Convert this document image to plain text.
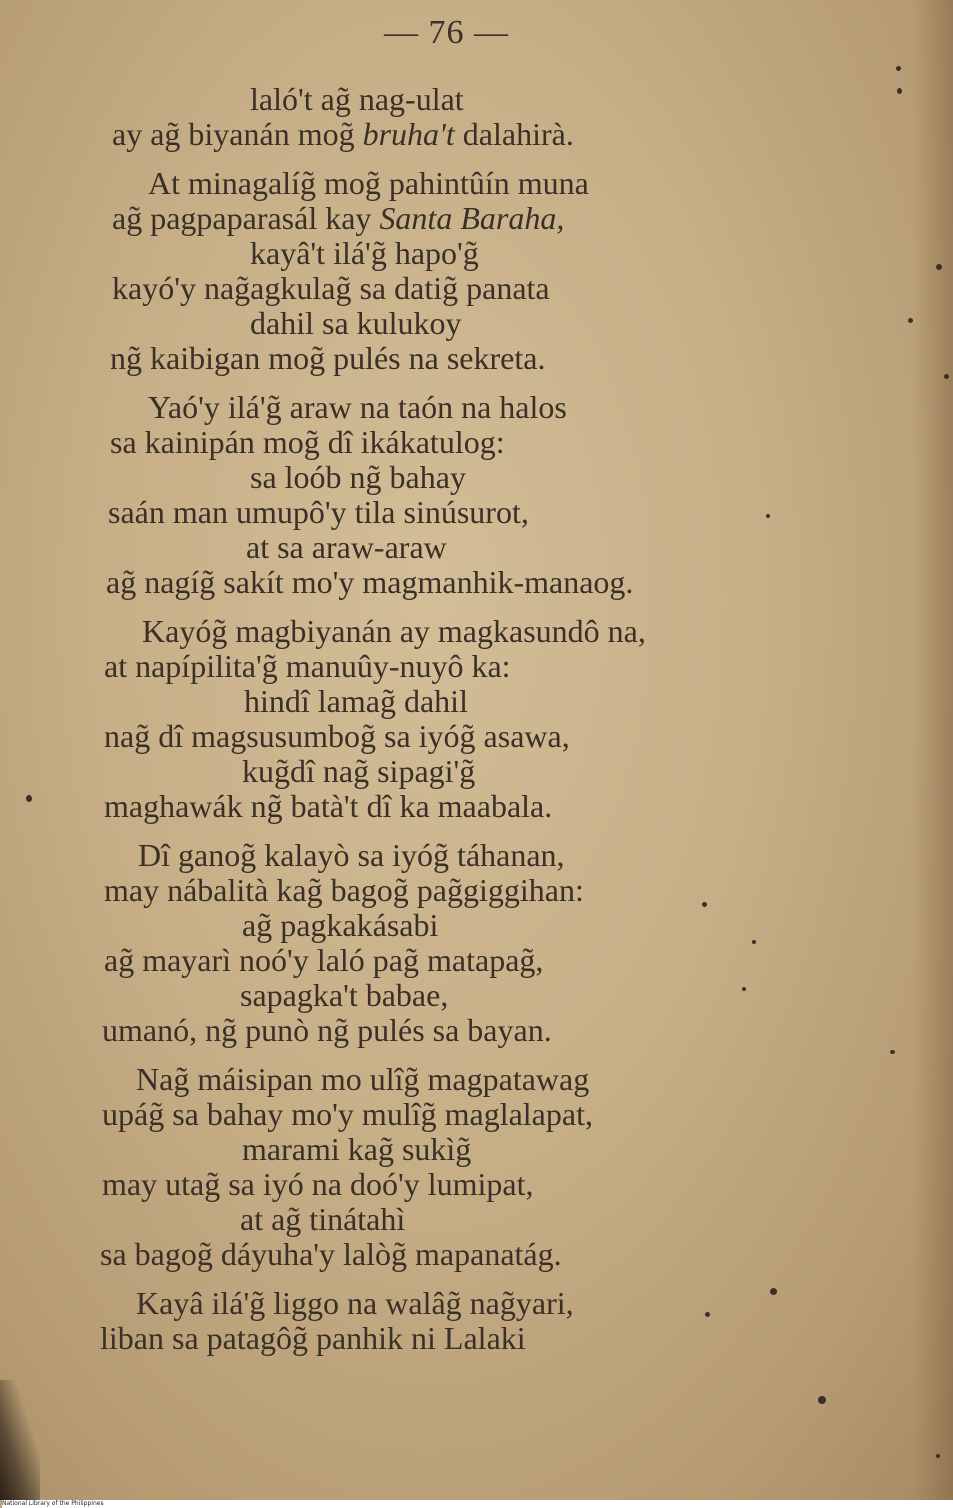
— 76 —
laló't ag̃ nag-ulat
ay ag̃ biyanán mog̃ bruha't dalahirà.
At minagalíg̃ mog̃ pahintûín muna
ag̃ pagpaparasál kay Santa Baraha,
kayâ't ilá'g̃ hapo'g̃
kayó'y nag̃agkulag̃ sa datig̃ panata
dahil sa kulukoy
ng̃ kaibigan mog̃ pulés na sekreta.
Yaó'y ilá'g̃ araw na taón na halos
sa kainipán mog̃ dî ikákatulog:
sa loób ng̃ bahay
saán man umupô'y tila sinúsurot,
at sa araw-araw
ag̃ nagíg̃ sakít mo'y magmanhik-manaog.
Kayóg̃ magbiyanán ay magkasundô na,
at napípilita'g̃ manuûy-nuyô ka:
hindî lamag̃ dahil
nag̃ dî magsusumbog̃ sa iyóg̃ asawa,
kug̃dî nag̃ sipagi'g̃
maghawák ng̃ batà't dî ka maabala.
Dî ganog̃ kalayò sa iyóg̃ táhanan,
may nábalità kag̃ bagog̃ pag̃giggihan:
ag̃ pagkakásabi
ag̃ mayarì noó'y laló pag̃ matapag̃,
sapagka't babae,
umanó, ng̃ punò ng̃ pulés sa bayan.
Nag̃ máisipan mo ulîg̃ magpatawag
upág̃ sa bahay mo'y mulîg̃ maglalapat,
marami kag̃ sukìg̃
may utag̃ sa iyó na doó'y lumipat,
at ag̃ tinátahì
sa bagog̃ dáyuha'y lalòg̃ mapanatág.
Kayâ ilá'g̃ liggo na walâg̃ nag̃yari,
liban sa patagôg̃ panhik ni Lalaki
National Library of the Philippines
